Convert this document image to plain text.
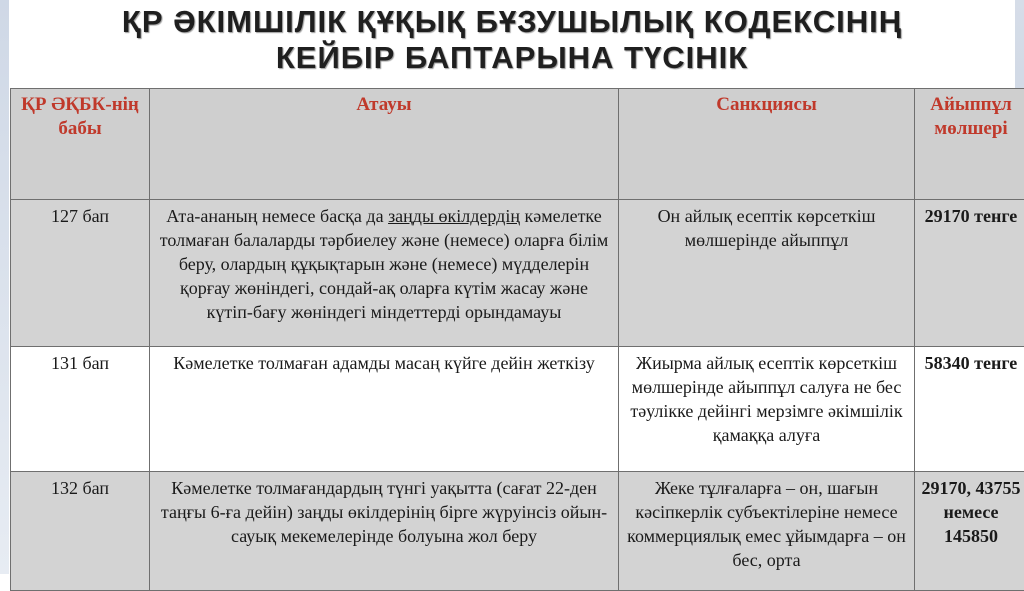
ҚР ӘКІМШІЛІК ҚҰҚЫҚ БҰЗУШЫЛЫҚ КОДЕКСІНІҢ
КЕЙБІР БАПТАРЫНА ТҮСІНІК
ҚР ӘҚБК-нің бабы	Атауы	Санкциясы	Айыппұл мөлшері
127 бап	Ата-ананың немесе басқа да заңды өкілдердің кәмелетке толмаған балаларды тәрбиелеу және (немесе) оларға білім беру, олардың құқықтарын және (немесе) мүдделерін қорғау жөніндегі, сондай-ақ оларға күтім жасау және күтіп-бағу жөніндегі міндеттерді орындамауы	Он айлық есептік көрсеткіш мөлшерінде айыппұл	29170 тенге
131 бап	Кәмелетке толмаған адамды масаң күйге дейін жеткізу	Жиырма айлық есептік көрсеткіш мөлшерінде айыппұл салуға не бес тәулікке дейінгі мерзімге әкімшілік қамаққа алуға	58340 тенге
132 бап	Кәмелетке толмағандардың түнгі уақытта (сағат 22-ден таңғы 6-ға дейін) заңды өкілдерінің бірге жүруінсіз ойын-сауық мекемелерінде болуына жол беру	Жеке тұлғаларға – он, шағын кәсіпкерлік субъектілеріне немесе коммерциялық емес ұйымдарға – он бес, орта	29170, 43755 немесе 145850
